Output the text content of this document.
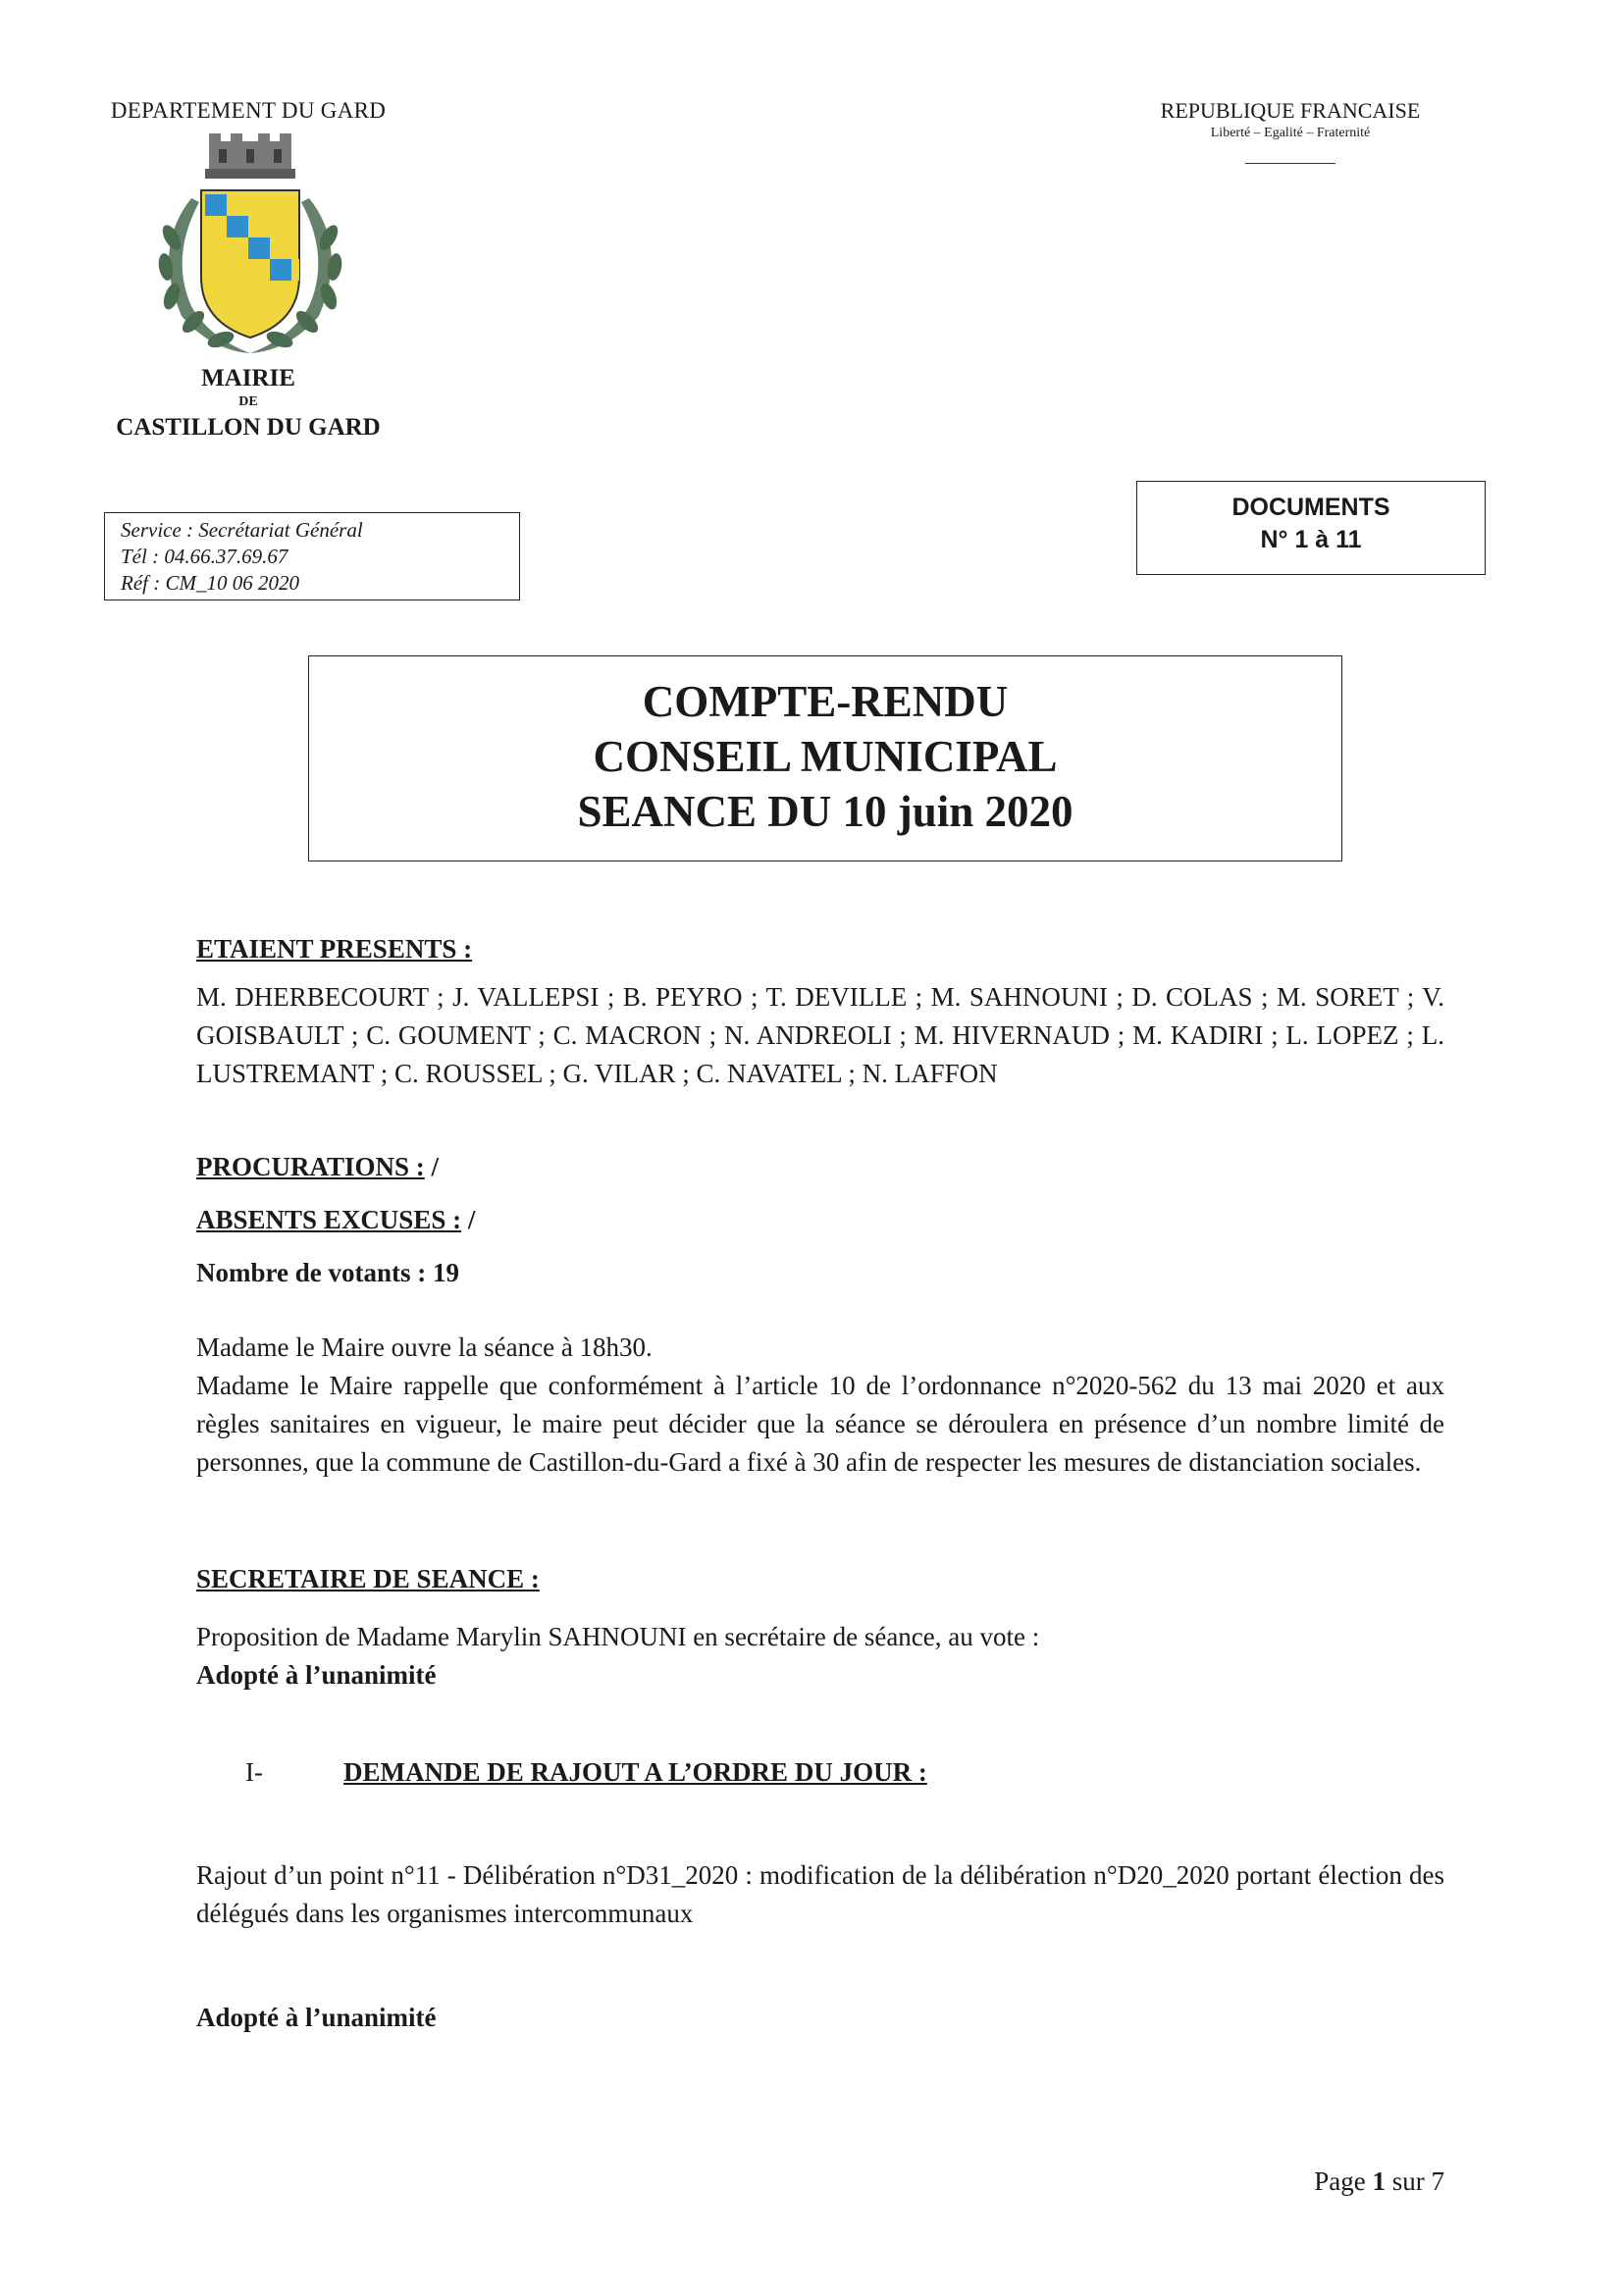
DEPARTEMENT DU GARD
MAIRIE
DE
CASTILLON DU GARD
REPUBLIQUE FRANCAISE
Liberté – Egalité – Fraternité
Service : Secrétariat Général
Tél : 04.66.37.69.67
Réf : CM_10 06 2020
DOCUMENTS
N° 1 à 11
COMPTE-RENDU
CONSEIL MUNICIPAL
SEANCE DU 10 juin 2020
ETAIENT PRESENTS :
M. DHERBECOURT ; J. VALLEPSI ; B. PEYRO ; T. DEVILLE ; M. SAHNOUNI ; D. COLAS ; M. SORET ; V. GOISBAULT ; C. GOUMENT ; C. MACRON ; N. ANDREOLI ; M. HIVERNAUD ; M. KADIRI ; L. LOPEZ ; L. LUSTREMANT ; C. ROUSSEL ; G. VILAR ; C. NAVATEL ; N. LAFFON
PROCURATIONS : /
ABSENTS EXCUSES : /
Nombre de votants : 19
Madame le Maire ouvre la séance à 18h30.
Madame le Maire rappelle que conformément à l’article 10 de l’ordonnance n°2020-562 du 13 mai 2020 et aux règles sanitaires en vigueur, le maire peut décider que la séance se déroulera en présence d’un nombre limité de personnes, que la commune de Castillon-du-Gard a fixé à 30 afin de respecter les mesures de distanciation sociales.
SECRETAIRE DE SEANCE :
Proposition de Madame Marylin SAHNOUNI en secrétaire de séance, au vote :
Adopté à l’unanimité
I-	DEMANDE DE RAJOUT A L’ORDRE DU JOUR :
Rajout d’un point n°11 - Délibération n°D31_2020 : modification de la délibération n°D20_2020 portant élection des délégués dans les organismes intercommunaux
Adopté à l’unanimité
Page 1 sur 7
